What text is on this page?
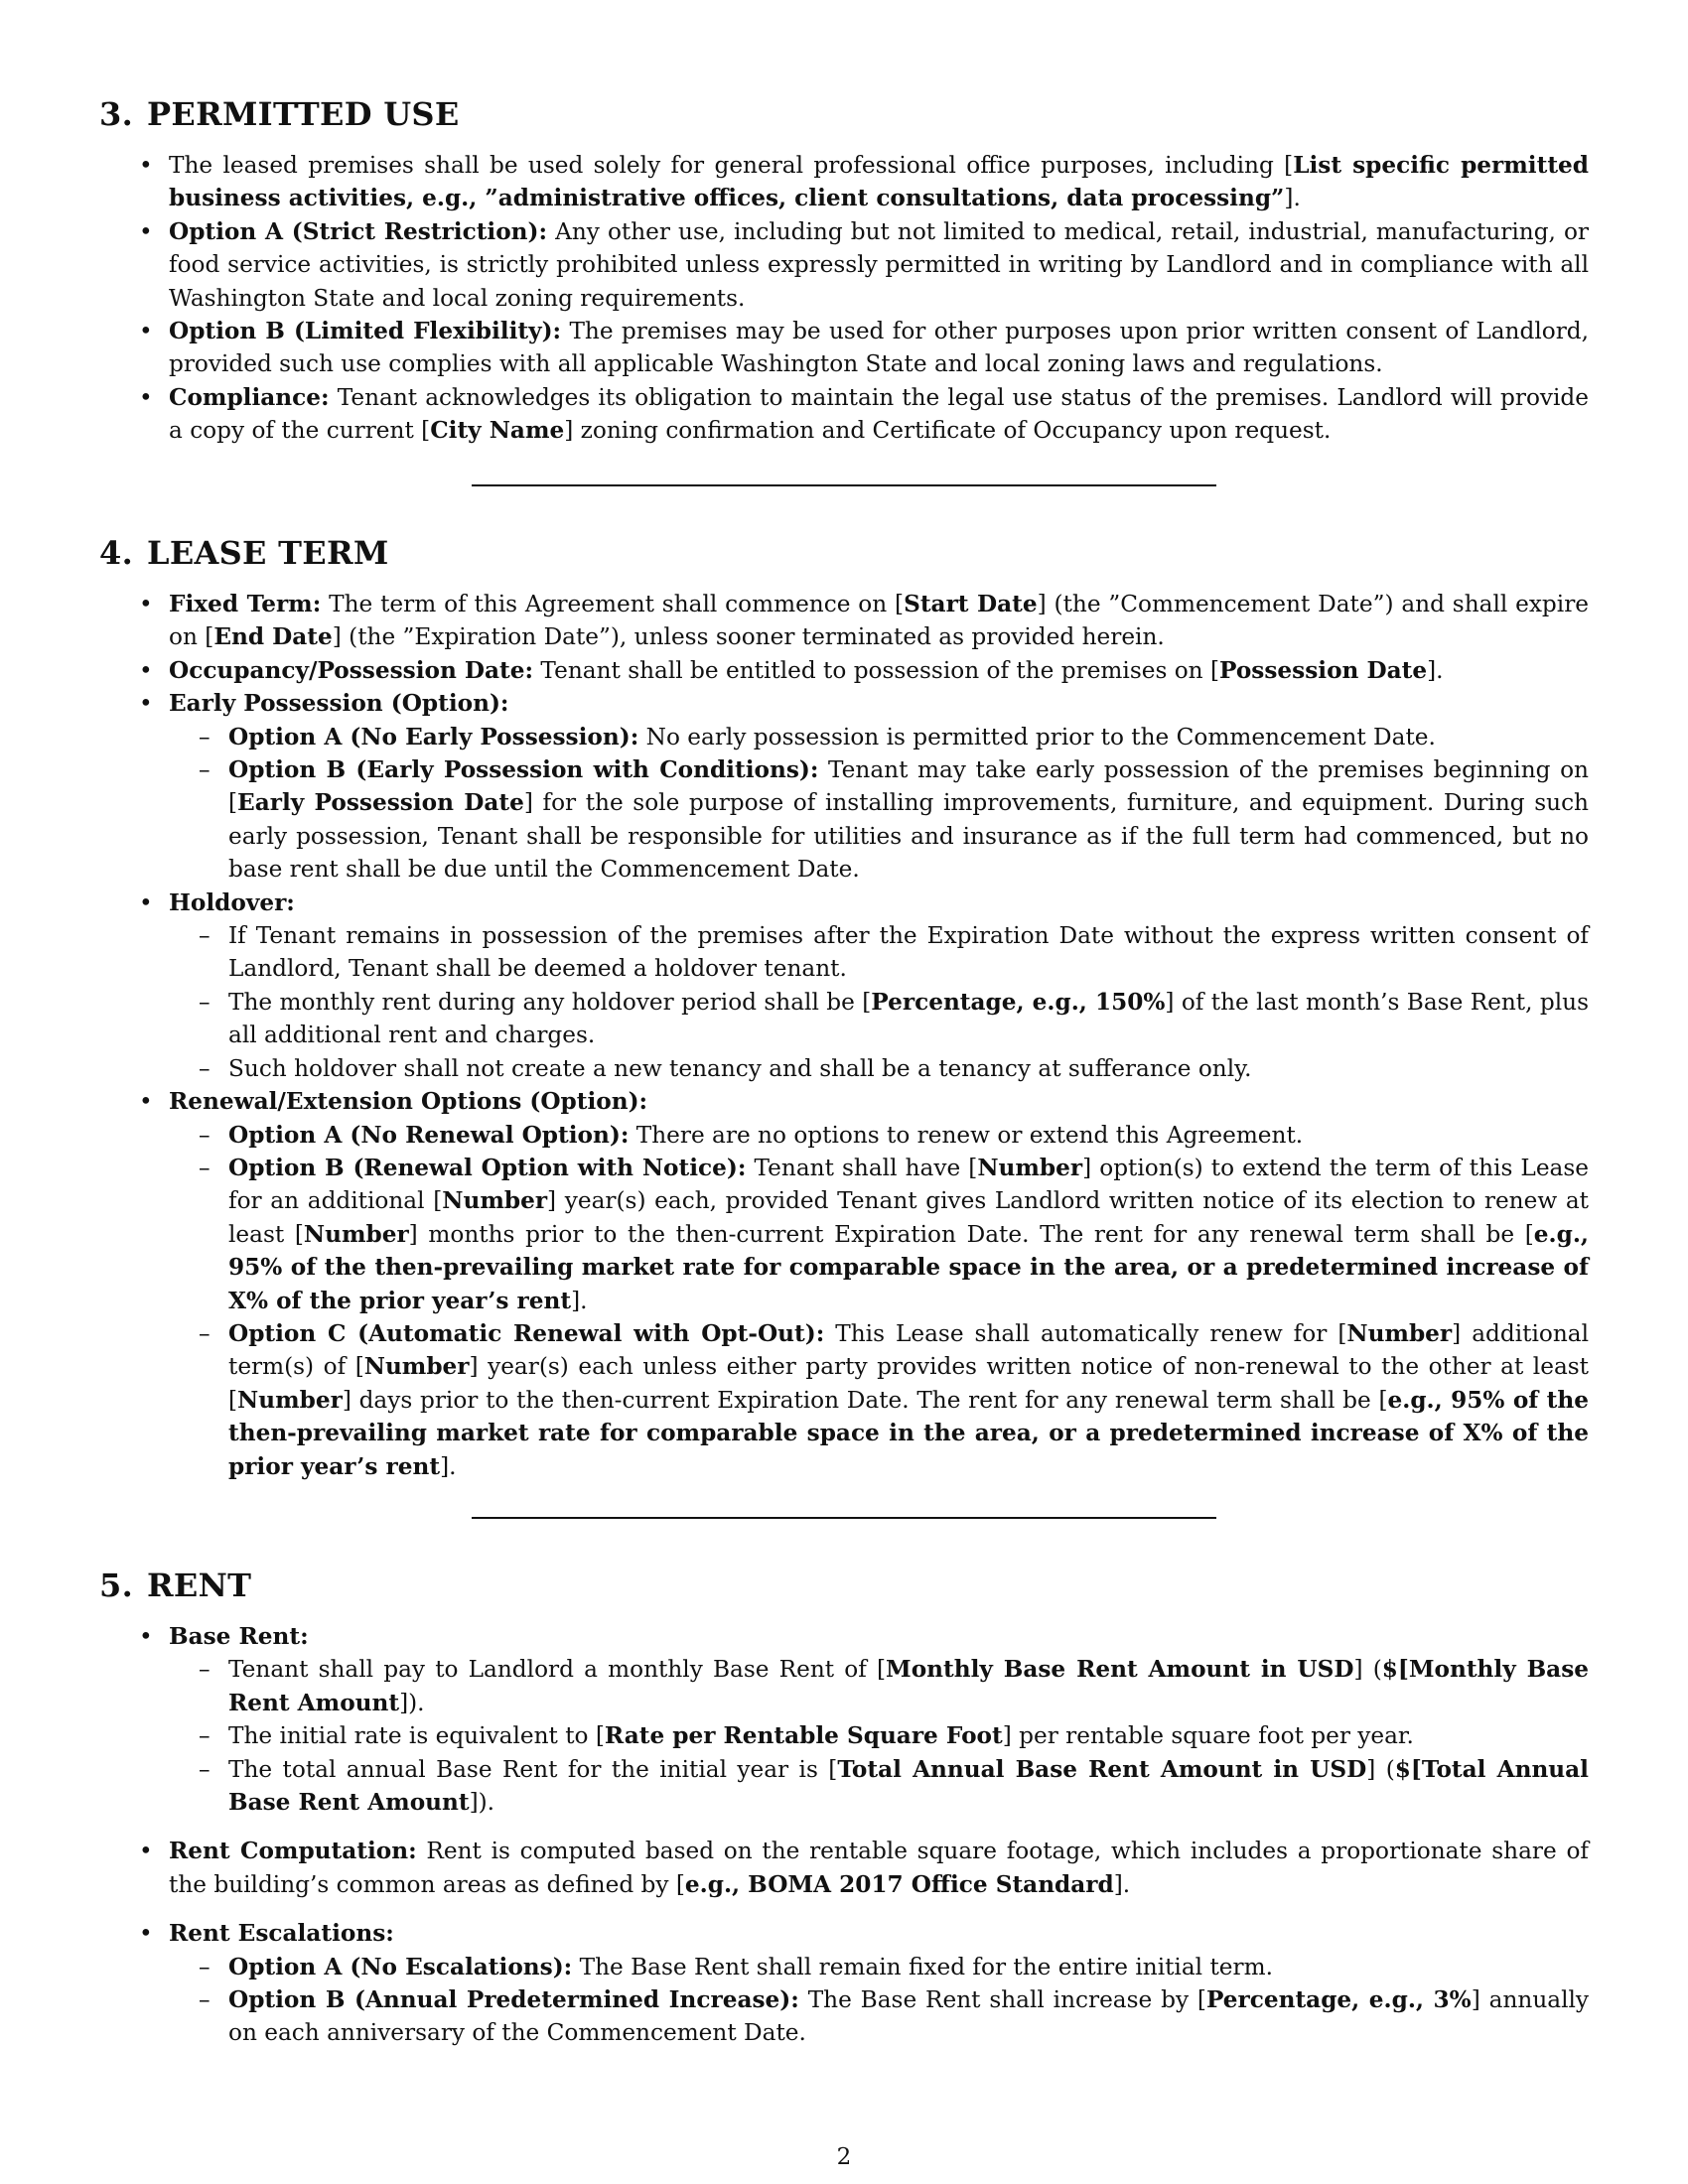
3. PERMITTED USE
• The leased premises shall be used solely for general professional office purposes, including [List specific permitted business activities, e.g., ”administrative offices, client consultations, data processing”].
• Option A (Strict Restriction): Any other use, including but not limited to medical, retail, industrial, manufacturing, or food service activities, is strictly prohibited unless expressly permitted in writing by Landlord and in compliance with all Washington State and local zoning requirements.
• Option B (Limited Flexibility): The premises may be used for other purposes upon prior written consent of Landlord, provided such use complies with all applicable Washington State and local zoning laws and regulations.
• Compliance: Tenant acknowledges its obligation to maintain the legal use status of the premises. Landlord will provide a copy of the current [City Name] zoning confirmation and Certificate of Occupancy upon request.
4. LEASE TERM
• Fixed Term: The term of this Agreement shall commence on [Start Date] (the ”Commencement Date”) and shall expire on [End Date] (the ”Expiration Date”), unless sooner terminated as provided herein.
• Occupancy/Possession Date: Tenant shall be entitled to possession of the premises on [Possession Date].
• Early Possession (Option):
– Option A (No Early Possession): No early possession is permitted prior to the Commencement Date.
– Option B (Early Possession with Conditions): Tenant may take early possession of the premises beginning on [Early Possession Date] for the sole purpose of installing improvements, furniture, and equipment. During such early possession, Tenant shall be responsible for utilities and insurance as if the full term had commenced, but no base rent shall be due until the Commencement Date.
• Holdover:
– If Tenant remains in possession of the premises after the Expiration Date without the express written consent of Landlord, Tenant shall be deemed a holdover tenant.
– The monthly rent during any holdover period shall be [Percentage, e.g., 150%] of the last month’s Base Rent, plus all additional rent and charges.
– Such holdover shall not create a new tenancy and shall be a tenancy at sufferance only.
• Renewal/Extension Options (Option):
– Option A (No Renewal Option): There are no options to renew or extend this Agreement.
– Option B (Renewal Option with Notice): Tenant shall have [Number] option(s) to extend the term of this Lease for an additional [Number] year(s) each, provided Tenant gives Landlord written notice of its election to renew at least [Number] months prior to the then-current Expiration Date. The rent for any renewal term shall be [e.g., 95% of the then-prevailing market rate for comparable space in the area, or a predetermined increase of X% of the prior year’s rent].
– Option C (Automatic Renewal with Opt-Out): This Lease shall automatically renew for [Number] additional term(s) of [Number] year(s) each unless either party provides written notice of non-renewal to the other at least [Number] days prior to the then-current Expiration Date. The rent for any renewal term shall be [e.g., 95% of the then-prevailing market rate for comparable space in the area, or a predetermined increase of X% of the prior year’s rent].
5. RENT
• Base Rent:
– Tenant shall pay to Landlord a monthly Base Rent of [Monthly Base Rent Amount in USD] ($[Monthly Base Rent Amount]).
– The initial rate is equivalent to [Rate per Rentable Square Foot] per rentable square foot per year.
– The total annual Base Rent for the initial year is [Total Annual Base Rent Amount in USD] ($[Total Annual Base Rent Amount]).
• Rent Computation: Rent is computed based on the rentable square footage, which includes a proportionate share of the building’s common areas as defined by [e.g., BOMA 2017 Office Standard].
• Rent Escalations:
– Option A (No Escalations): The Base Rent shall remain fixed for the entire initial term.
– Option B (Annual Predetermined Increase): The Base Rent shall increase by [Percentage, e.g., 3%] annually on each anniversary of the Commencement Date.
2
